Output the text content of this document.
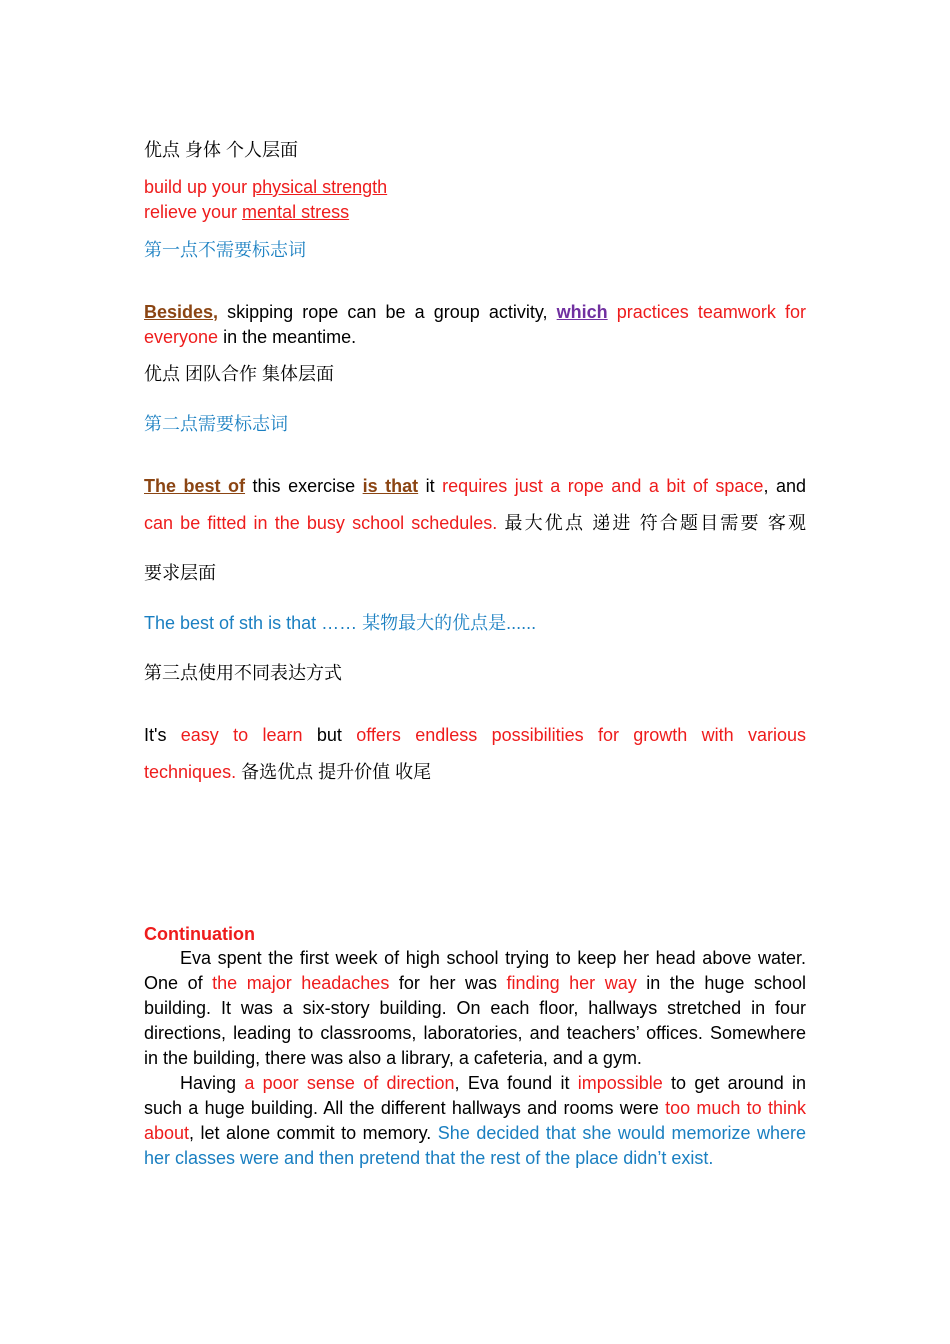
优点 身体 个人层面
build up your physical strength
relieve your mental stress
第一点不需要标志词
Besides, skipping rope can be a group activity, which practices teamwork for
everyone in the meantime.
优点 团队合作 集体层面
第二点需要标志词
The best of this exercise is that it requires just a rope and a bit of space, and
can be fitted in the busy school schedules. 最大优点 递进 符合题目需要 客观
要求层面
The best of sth is that …… 某物最大的优点是......
第三点使用不同表达方式
It's easy to learn but offers endless possibilities for growth with various
techniques. 备选优点 提升价值 收尾
Continuation
Eva spent the first week of high school trying to keep her head above water. One of the major headaches for her was finding her way in the huge school building. It was a six-story building. On each floor, hallways stretched in four directions, leading to classrooms, laboratories, and teachers’ offices. Somewhere in the building, there was also a library, a cafeteria, and a gym.
Having a poor sense of direction, Eva found it impossible to get around in such a huge building. All the different hallways and rooms were too much to think about, let alone commit to memory. She decided that she would memorize where her classes were and then pretend that the rest of the place didn’t exist.
